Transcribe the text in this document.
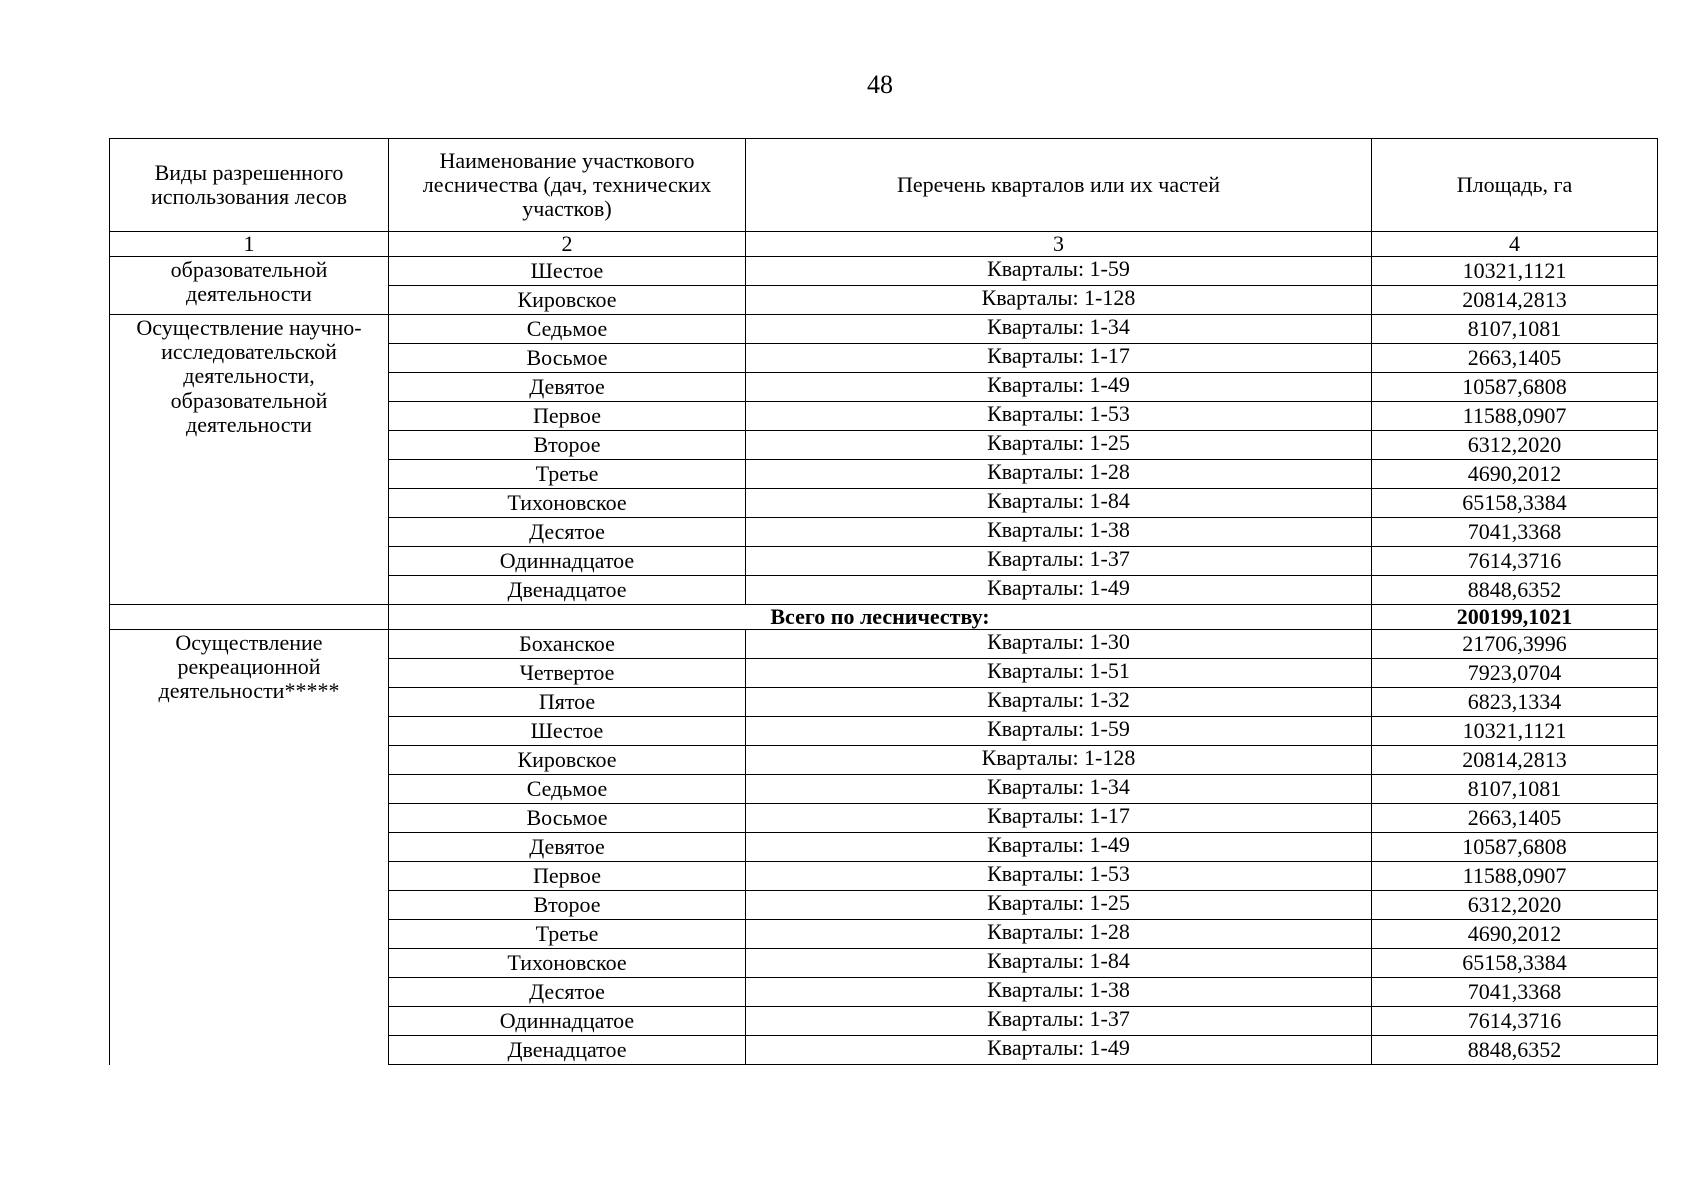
48
Виды разрешенного использования лесов	Наименование участкового лесничества (дач, технических участков)	Перечень кварталов или их частей	Площадь, га
1	2	3	4
образовательной деятельности	Шестое	Кварталы: 1-59	10321,1121
	Кировское	Кварталы: 1-128	20814,2813
Осуществление научно-исследовательской деятельности, образовательной деятельности	Седьмое	Кварталы: 1-34	8107,1081
	Восьмое	Кварталы: 1-17	2663,1405
	Девятое	Кварталы: 1-49	10587,6808
	Первое	Кварталы: 1-53	11588,0907
	Второе	Кварталы: 1-25	6312,2020
	Третье	Кварталы: 1-28	4690,2012
	Тихоновское	Кварталы: 1-84	65158,3384
	Десятое	Кварталы: 1-38	7041,3368
	Одиннадцатое	Кварталы: 1-37	7614,3716
	Двенадцатое	Кварталы: 1-49	8848,6352
	Всего по лесничеству:		200199,1021
Осуществление рекреационной деятельности*****	Боханское	Кварталы: 1-30	21706,3996
	Четвертое	Кварталы: 1-51	7923,0704
	Пятое	Кварталы: 1-32	6823,1334
	Шестое	Кварталы: 1-59	10321,1121
	Кировское	Кварталы: 1-128	20814,2813
	Седьмое	Кварталы: 1-34	8107,1081
	Восьмое	Кварталы: 1-17	2663,1405
	Девятое	Кварталы: 1-49	10587,6808
	Первое	Кварталы: 1-53	11588,0907
	Второе	Кварталы: 1-25	6312,2020
	Третье	Кварталы: 1-28	4690,2012
	Тихоновское	Кварталы: 1-84	65158,3384
	Десятое	Кварталы: 1-38	7041,3368
	Одиннадцатое	Кварталы: 1-37	7614,3716
	Двенадцатое	Кварталы: 1-49	8848,6352
